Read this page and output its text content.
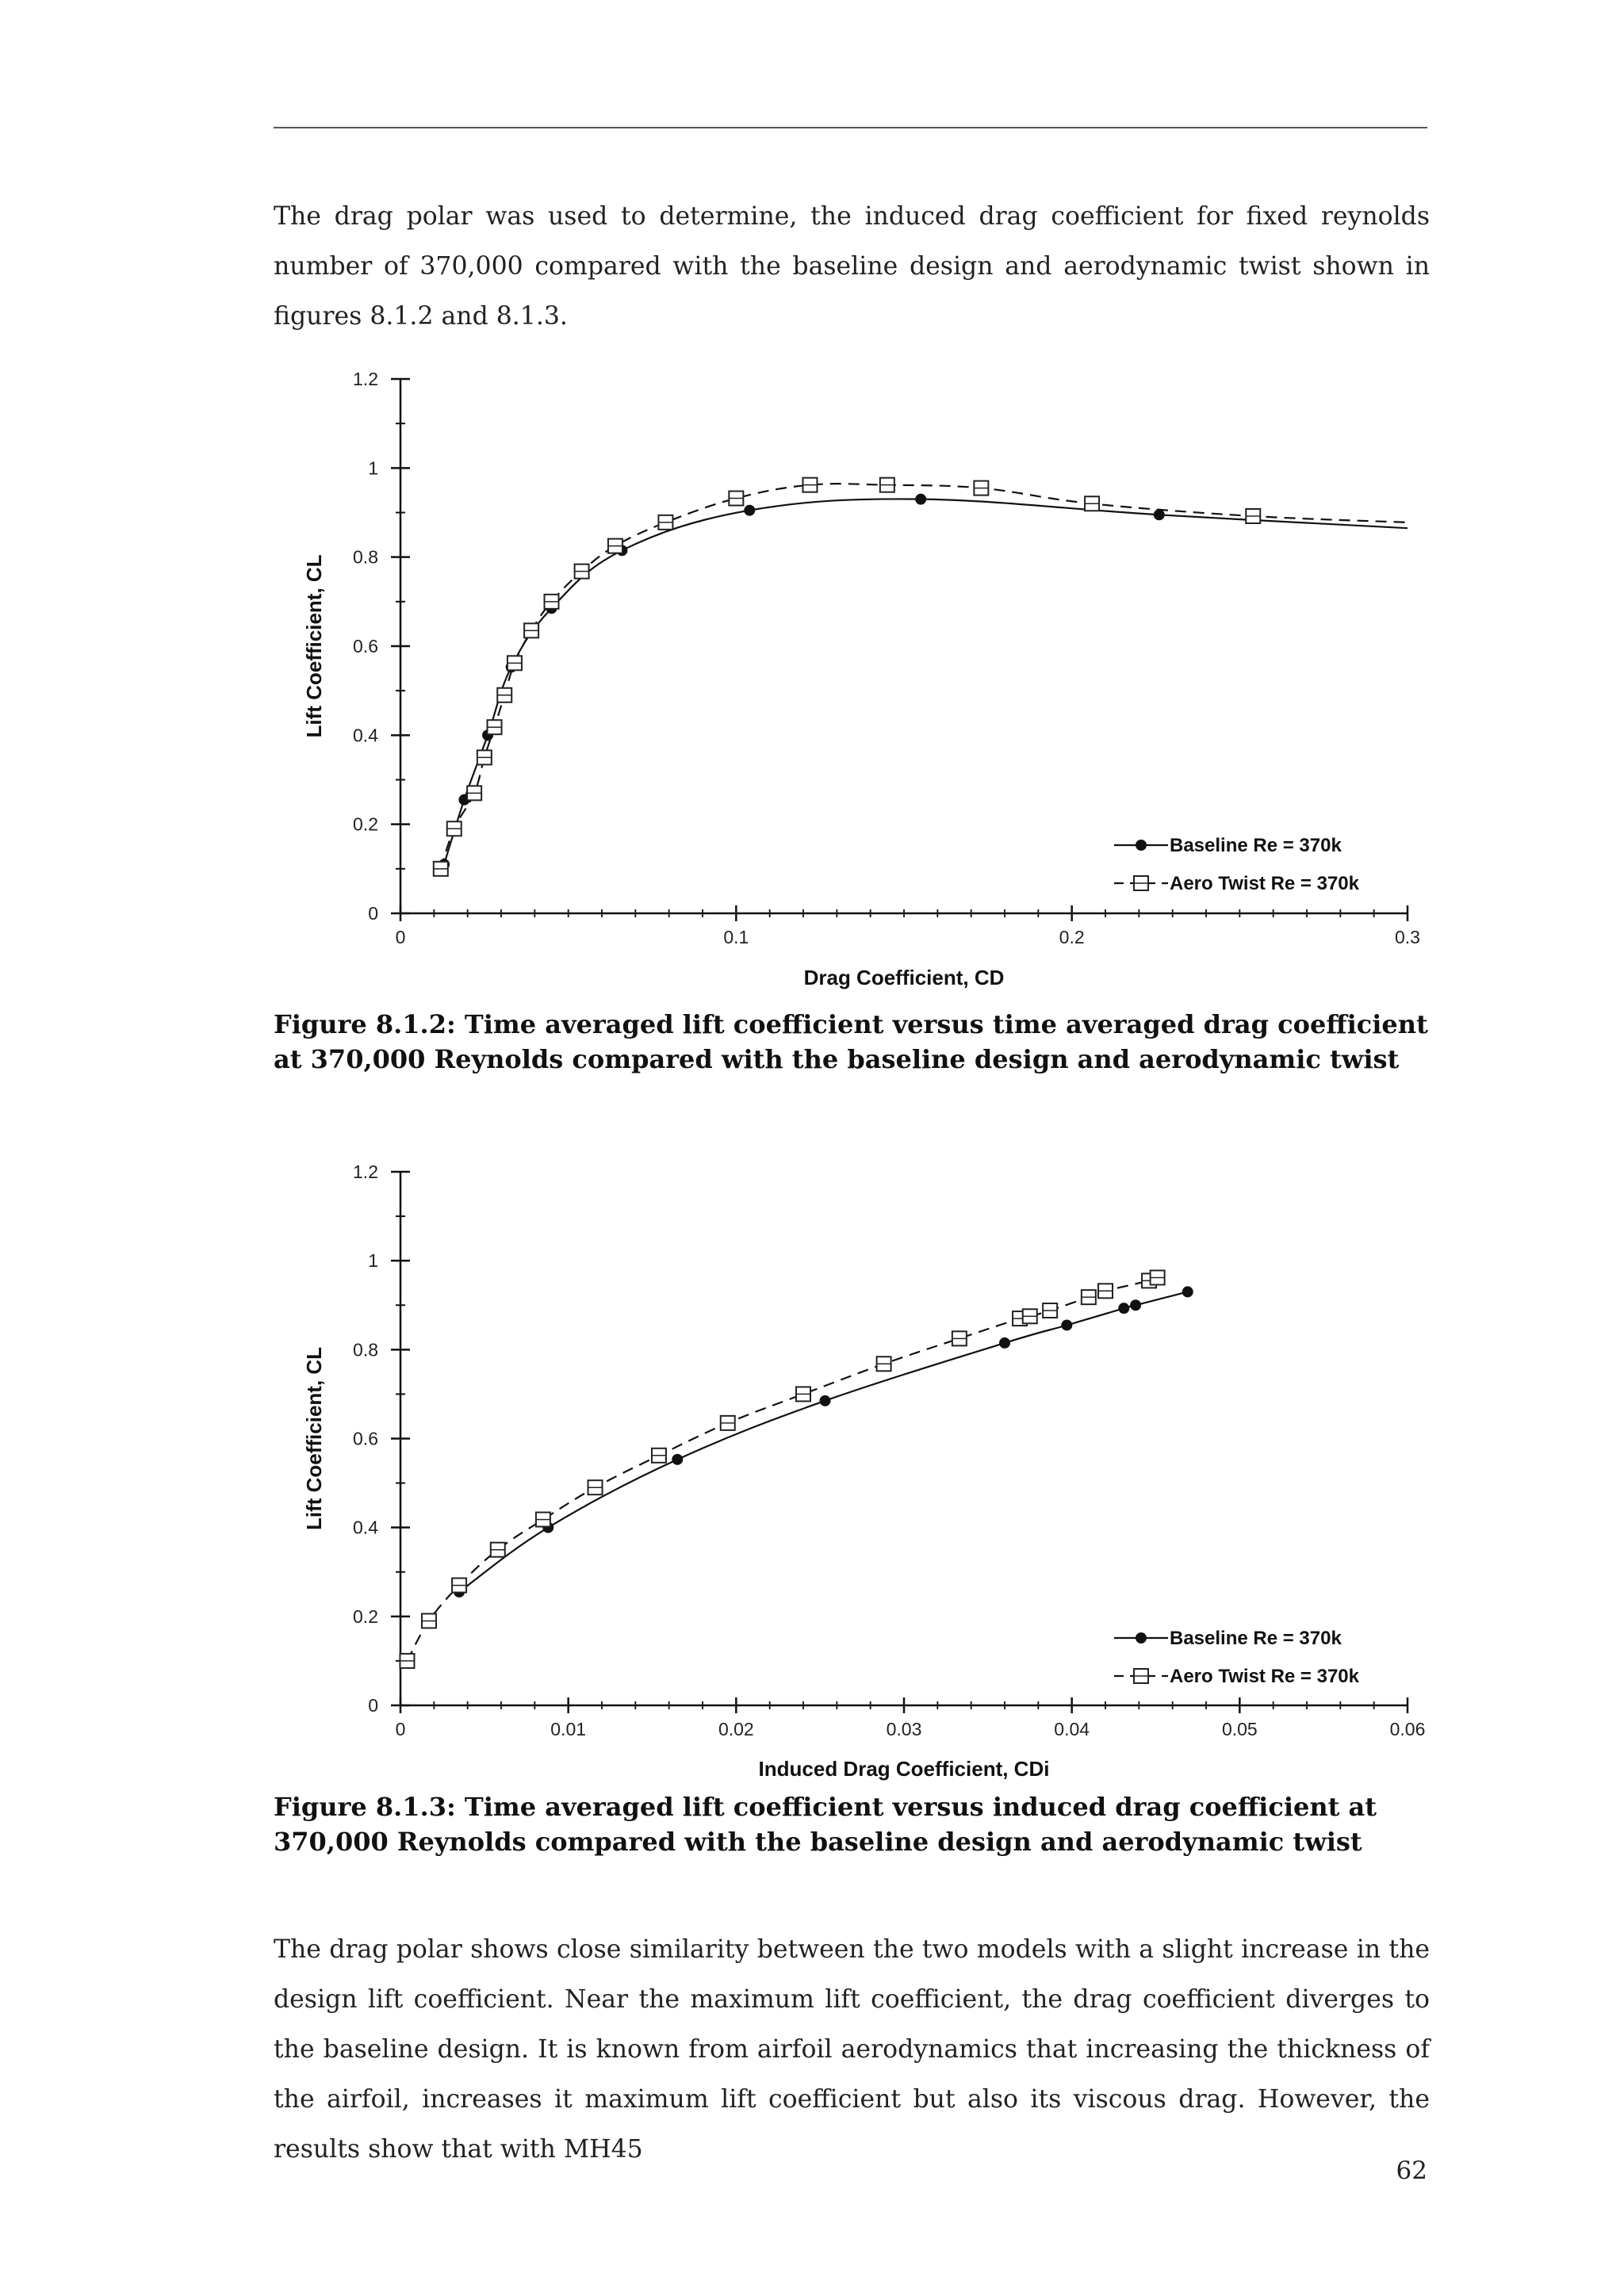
The drag polar was used to determine, the induced drag coefficient for fixed reynolds number of 370,000 compared with the baseline design and aerodynamic twist shown in figures 8.1.2 and 8.1.3.

0
0.2
0.4
0.6
0.8
1
1.2
0	0.1	0.2	0.3
Drag Coefficient, CD
Lift Coefficient, CL
Baseline Re = 370k
Aero Twist Re = 370k

Figure 8.1.2: Time averaged lift coefficient versus time averaged drag coefficient at 370,000 Reynolds compared with the baseline design and aerodynamic twist

0
0.2
0.4
0.6
0.8
1
1.2
0	0.01	0.02	0.03	0.04	0.05	0.06
Induced Drag Coefficient, CDi
Lift Coefficient, CL
Baseline Re = 370k
Aero Twist Re = 370k

Figure 8.1.3: Time averaged lift coefficient versus induced drag coefficient at 370,000 Reynolds compared with the baseline design and aerodynamic twist

The drag polar shows close similarity between the two models with a slight increase in the design lift coefficient. Near the maximum lift coefficient, the drag coefficient diverges to the baseline design. It is known from airfoil aerodynamics that increasing the thickness of the airfoil, increases it maximum lift coefficient but also its viscous drag. However, the results show that with MH45

62
